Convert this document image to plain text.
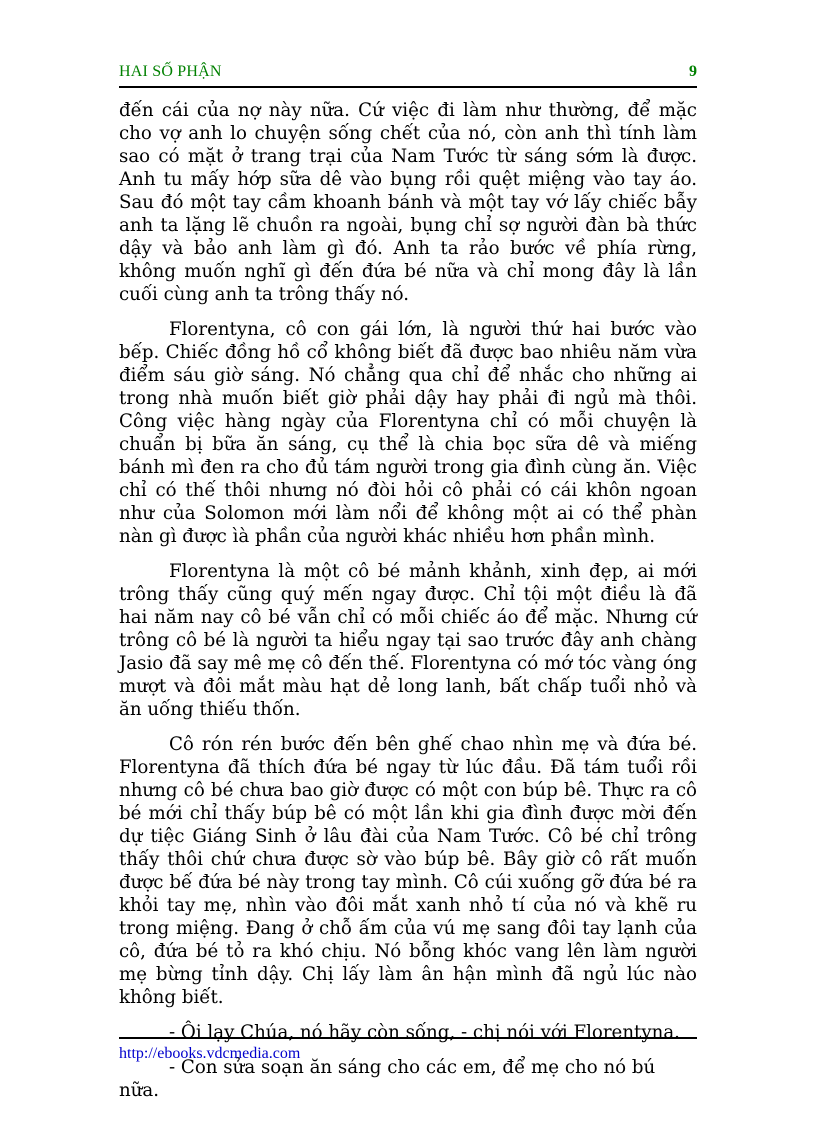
HAI SỐ PHẬN	9

đến cái của nợ này nữa. Cứ việc đi làm như thường, để mặc cho vợ anh lo chuyện sống chết của nó, còn anh thì tính làm sao có mặt ở trang trại của Nam Tước từ sáng sớm là được. Anh tu mấy hớp sữa dê vào bụng rồi quệt miệng vào tay áo. Sau đó một tay cầm khoanh bánh và một tay vớ lấy chiếc bẫy anh ta lặng lẽ chuồn ra ngoài, bụng chỉ sợ người đàn bà thức dậy và bảo anh làm gì đó. Anh ta rảo bước về phía rừng, không muốn nghĩ gì đến đứa bé nữa và chỉ mong đây là lần cuối cùng anh ta trông thấy nó.

Florentyna, cô con gái lớn, là người thứ hai bước vào bếp. Chiếc đồng hồ cổ không biết đã được bao nhiêu năm vừa điểm sáu giờ sáng. Nó chẳng qua chỉ để nhắc cho những ai trong nhà muốn biết giờ phải dậy hay phải đi ngủ mà thôi. Công việc hàng ngày của Florentyna chỉ có mỗi chuyện là chuẩn bị bữa ăn sáng, cụ thể là chia bọc sữa dê và miếng bánh mì đen ra cho đủ tám người trong gia đình cùng ăn. Việc chỉ có thế thôi nhưng nó đòi hỏi cô phải có cái khôn ngoan như của Solomon mới làm nổi để không một ai có thể phàn nàn gì được ìà phần của người khác nhiều hơn phần mình.

Florentyna là một cô bé mảnh khảnh, xinh đẹp, ai mới trông thấy cũng quý mến ngay được. Chỉ tội một điều là đã hai năm nay cô bé vẫn chỉ có mỗi chiếc áo để mặc. Nhưng cứ trông cô bé là người ta hiểu ngay tại sao trước đây anh chàng Jasio đã say mê mẹ cô đến thế. Florentyna có mớ tóc vàng óng mượt và đôi mắt màu hạt dẻ long lanh, bất chấp tuổi nhỏ và ăn uống thiếu thốn.

Cô rón rén bước đến bên ghế chao nhìn mẹ và đứa bé. Florentyna đã thích đứa bé ngay từ lúc đầu. Đã tám tuổi rồi nhưng cô bé chưa bao giờ được có một con búp bê. Thực ra cô bé mới chỉ thấy búp bê có một lần khi gia đình được mời đến dự tiệc Giáng Sinh ở lâu đài của Nam Tước. Cô bé chỉ trông thấy thôi chứ chưa được sờ vào búp bê. Bây giờ cô rất muốn được bế đứa bé này trong tay mình. Cô cúi xuống gỡ đứa bé ra khỏi tay mẹ, nhìn vào đôi mắt xanh nhỏ tí của nó và khẽ ru trong miệng. Đang ở chỗ ấm của vú mẹ sang đôi tay lạnh của cô, đứa bé tỏ ra khó chịu. Nó bỗng khóc vang lên làm người mẹ bừng tỉnh dậy. Chị lấy làm ân hận mình đã ngủ lúc nào không biết.

- Ôi lạy Chúa, nó hãy còn sống, - chị nói với Florentyna.

- Con sửa soạn ăn sáng cho các em, để mẹ cho nó bú nữa.

http://ebooks.vdcmedia.com
